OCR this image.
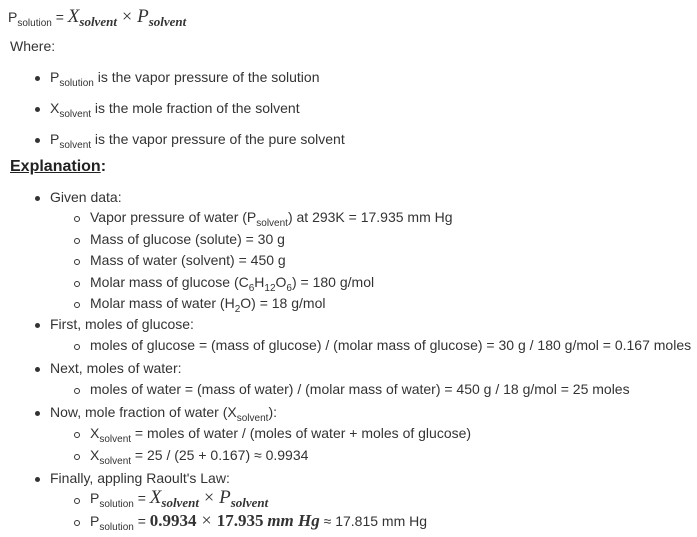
$P_{solution}$ = Xsolvent × Psolvent
Where:
$P_{solution}$ is the vapor pressure of the solution
$X_{solvent}$ is the mole fraction of the solvent
$P_{solvent}$ is the vapor pressure of the pure solvent
Explanation:
Given data:
Vapor pressure of water $(P_{solvent})$ at 293K = 17.935 mm Hg
Mass of glucose (solute) = 30 g
Mass of water (solvent) = 450 g
Molar mass of glucose $(C_6H_{12}O_6) = 180$ g/mol
Molar mass of water $(H_2O) = 18$ g/mol
First, moles of glucose:
moles of glucose = (mass of glucose) / (molar mass of glucose) = 30 g / 180 g/mol = 0.167 moles
Next, moles of water:
moles of water = (mass of water) / (molar mass of water) = 450 g / 18 g/mol = 25 moles
Now, mole fraction of water $(X_{solvent})$:
$X_{solvent}$ = moles of water / (moles of water + moles of glucose)
$X_{solvent} = 25 / (25 + 0.167) \approx 0.9934$
Finally, appling Raoult's Law:
$P_{solution}$ = Xsolvent × Psolvent
$P_{solution} = 0.9934 \times 17.935$ mm Hg ≈ 17.815 mm Hg
